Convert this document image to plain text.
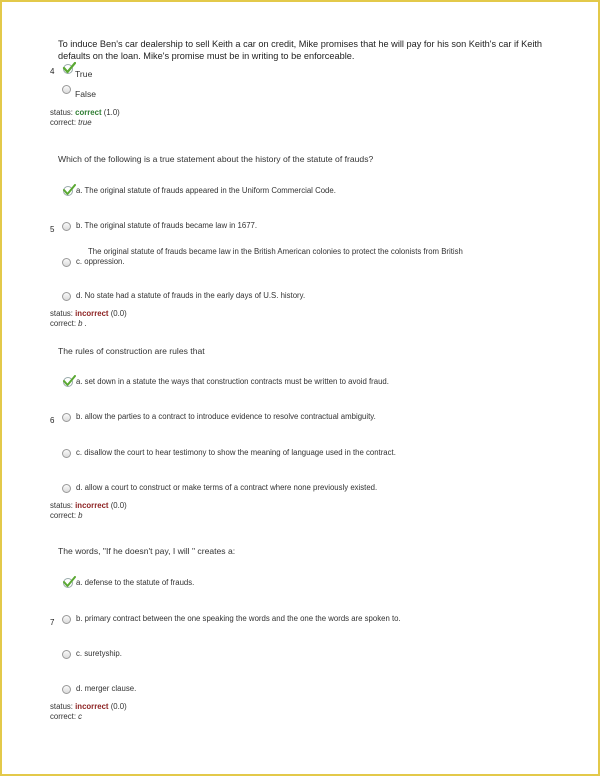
To induce Ben's car dealership to sell Keith a car on credit, Mike promises that he will pay for his son Keith's car if Keith defaults on the loan. Mike's promise must be in writing to be enforceable.
4 True
False
status: correct (1.0)
correct: true
Which of the following is a true statement about the history of the statute of frauds?
a. The original statute of frauds appeared in the Uniform Commercial Code.
5	b. The original statute of frauds became law in 1677.
The original statute of frauds became law in the British American colonies to protect the colonists from British
c. oppression.
d. No state had a statute of frauds in the early days of U.S. history.
status: incorrect (0.0)
correct: b .
The rules of construction are rules that
a. set down in a statute the ways that construction contracts must be written to avoid fraud.
6	b. allow the parties to a contract to introduce evidence to resolve contractual ambiguity.
c. disallow the court to hear testimony to show the meaning of language used in the contract.
d. allow a court to construct or make terms of a contract where none previously existed.
status: incorrect (0.0)
correct: b
The words, "If he doesn't pay, I will " creates a:
a. defense to the statute of frauds.
7	b. primary contract between the one speaking the words and the one the words are spoken to.
c. suretyship.
d. merger clause.
status: incorrect (0.0)
correct: c
